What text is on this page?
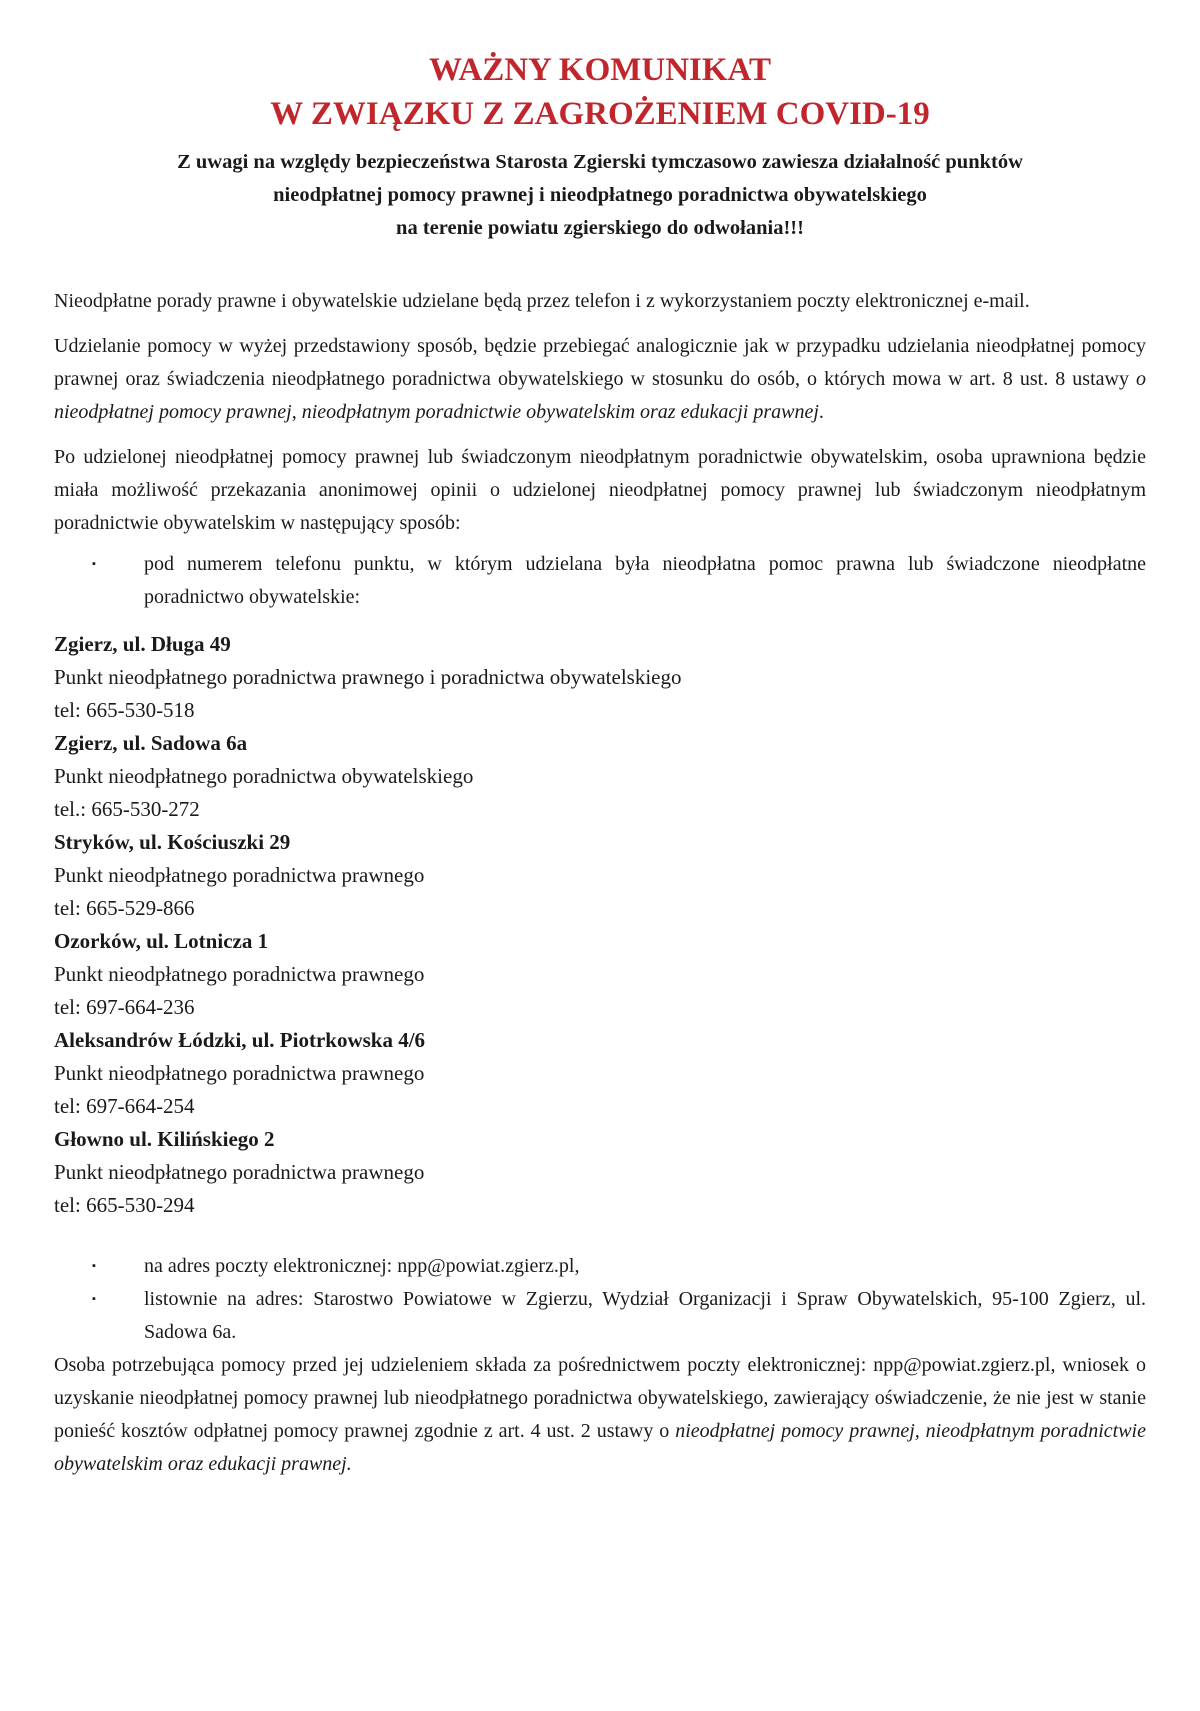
WAŻNY KOMUNIKAT
W ZWIĄZKU Z ZAGROŻENIEM COVID-19

Z uwagi na względy bezpieczeństwa Starosta Zgierski tymczasowo zawiesza działalność punktów
nieodpłatnej pomocy prawnej i nieodpłatnego poradnictwa obywatelskiego
na terenie powiatu zgierskiego do odwołania!!!

Nieodpłatne porady prawne i obywatelskie udzielane będą przez telefon i z wykorzystaniem poczty elektronicznej e-mail.

Udzielanie pomocy w wyżej przedstawiony sposób, będzie przebiegać analogicznie jak w przypadku udzielania nieodpłatnej pomocy prawnej oraz świadczenia nieodpłatnego poradnictwa obywatelskiego w stosunku do osób, o których mowa w art. 8 ust. 8 ustawy o nieodpłatnej pomocy prawnej, nieodpłatnym poradnictwie obywatelskim oraz edukacji prawnej.

Po udzielonej nieodpłatnej pomocy prawnej lub świadczonym nieodpłatnym poradnictwie obywatelskim, osoba uprawniona będzie miała możliwość przekazania anonimowej opinii o udzielonej nieodpłatnej pomocy prawnej lub świadczonym nieodpłatnym poradnictwie obywatelskim w następujący sposób:

▪ pod numerem telefonu punktu, w którym udzielana była nieodpłatna pomoc prawna lub świadczone nieodpłatne poradnictwo obywatelskie:

Zgierz, ul. Długa 49

Punkt nieodpłatnego poradnictwa prawnego i poradnictwa obywatelskiego

tel: 665-530-518

Zgierz, ul. Sadowa 6a

Punkt nieodpłatnego poradnictwa obywatelskiego

tel.: 665-530-272

Stryków, ul. Kościuszki 29

Punkt nieodpłatnego poradnictwa prawnego

tel: 665-529-866

Ozorków, ul. Lotnicza 1

Punkt nieodpłatnego poradnictwa prawnego

tel: 697-664-236

Aleksandrów Łódzki, ul. Piotrkowska 4/6

Punkt nieodpłatnego poradnictwa prawnego

tel: 697-664-254

Głowno ul. Kilińskiego 2

Punkt nieodpłatnego poradnictwa prawnego

tel: 665-530-294

▪ na adres poczty elektronicznej: npp@powiat.zgierz.pl,
▪ listownie na adres: Starostwo Powiatowe w Zgierzu, Wydział Organizacji i Spraw Obywatelskich, 95-100 Zgierz, ul. Sadowa 6a.

Osoba potrzebująca pomocy przed jej udzieleniem składa za pośrednictwem poczty elektronicznej: npp@powiat.zgierz.pl, wniosek o uzyskanie nieodpłatnej pomocy prawnej lub nieodpłatnego poradnictwa obywatelskiego, zawierający oświadczenie, że nie jest w stanie ponieść kosztów odpłatnej pomocy prawnej zgodnie z art. 4 ust. 2 ustawy o nieodpłatnej pomocy prawnej, nieodpłatnym poradnictwie obywatelskim oraz edukacji prawnej.
